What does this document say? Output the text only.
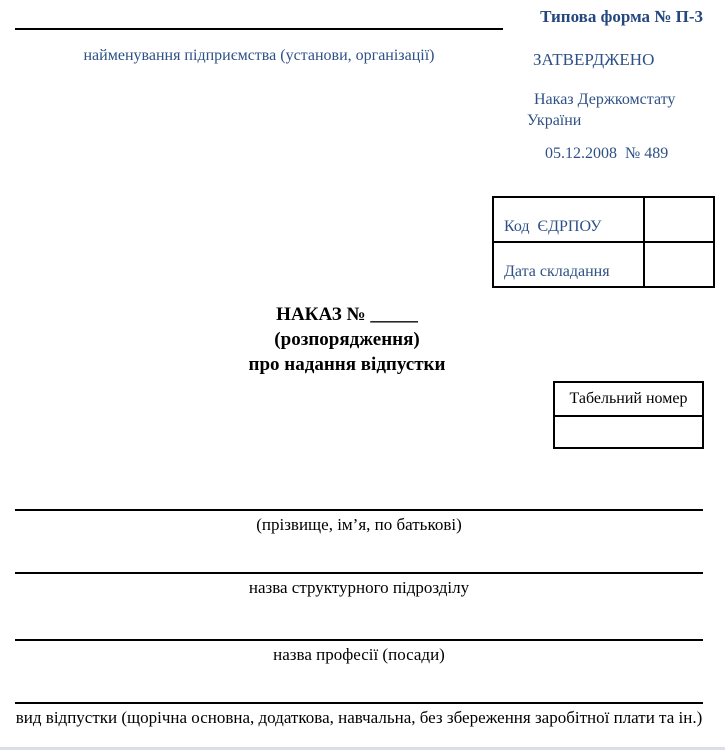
Типова форма № П-3
найменування підприємства (установи, організації)	ЗАТВЕРДЖЕНО
Наказ Держкомстату України
05.12.2008  № 489
Код  ЄДРПОУ	
Дата складання	
НАКАЗ № _____
(розпорядження)
про надання відпустки
Табельний номер

(прізвище, ім’я, по батькові)
назва структурного підрозділу
назва професії (посади)
вид відпустки (щорічна основна, додаткова, навчальна, без збереження заробітної плати та ін.)
